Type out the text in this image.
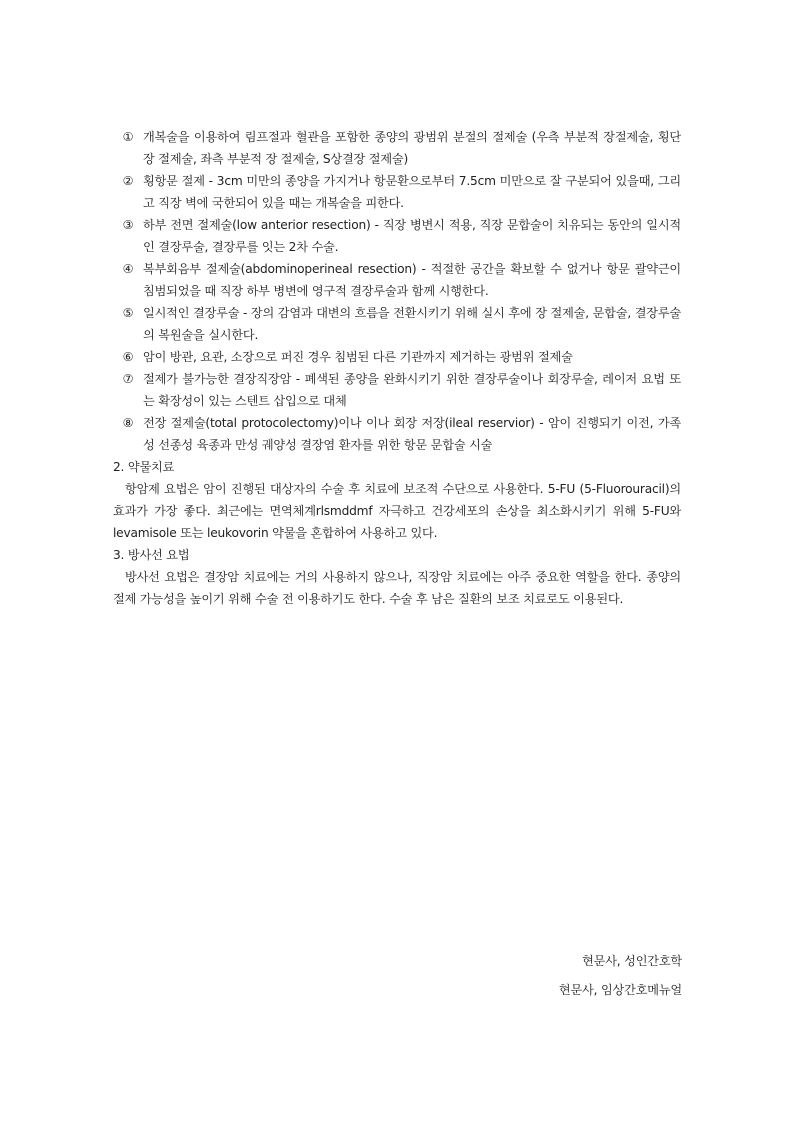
① 개복술을 이용하여 림프절과 혈관을 포함한 종양의 광범위 분절의 절제술 (우측 부분적 장절제술, 횡단 장 절제술, 좌측 부분적 장 절제술, S상결장 절제술)
② 횡항문 절제 - 3cm 미만의 종양을 가지거나 항문환으로부터 7.5cm 미만으로 잘 구분되어 있을때, 그리고 직장 벽에 국한되어 있을 때는 개복술을 피한다.
③ 하부 전면 절제술(low anterior resection) - 직장 병변시 적용, 직장 문합술이 치유되는 동안의 일시적인 결장루술, 결장루를 잇는 2차 수술.
④ 복부회음부 절제술(abdominoperineal resection) - 적절한 공간을 확보할 수 없거나 항문 괄약근이 침범되었을 때 직장 하부 병변에 영구적 결장루술과 함께 시행한다.
⑤ 일시적인 결장루술 - 장의 감염과 대변의 흐름을 전환시키기 위해 실시 후에 장 절제술, 문합술, 결장루술의 복원술을 실시한다.
⑥ 암이 방관, 요관, 소장으로 퍼진 경우 침범된 다른 기관까지 제거하는 광범위 절제술
⑦ 절제가 불가능한 결장직장암 - 폐색된 종양을 완화시키기 위한 결장루술이나 회장루술, 레이저 요법 또는 확장성이 있는 스텐트 삽입으로 대체
⑧ 전장 절제술(total protocolectomy)이나 이나 회장 저장(ileal reservior) - 암이 진행되기 이전, 가족성 선종성 육종과 만성 궤양성 결장염 환자를 위한 항문 문합술 시술

2. 약물치료

항암제 요법은 암이 진행된 대상자의 수술 후 치료에 보조적 수단으로 사용한다. 5-FU (5-Fluorouracil)의 효과가 가장 좋다. 최근에는 면역체계rlsmddmf 자극하고 건강세포의 손상을 최소화시키기 위해 5-FU와 levamisole 또는 leukovorin 약물을 혼합하여 사용하고 있다.

3. 방사선 요법

방사선 요법은 결장암 치료에는 거의 사용하지 않으나, 직장암 치료에는 아주 중요한 역할을 한다. 종양의 절제 가능성을 높이기 위해 수술 전 이용하기도 한다. 수술 후 남은 질환의 보조 치료로도 이용된다.

현문사, 성인간호학

현문사, 임상간호메뉴얼
